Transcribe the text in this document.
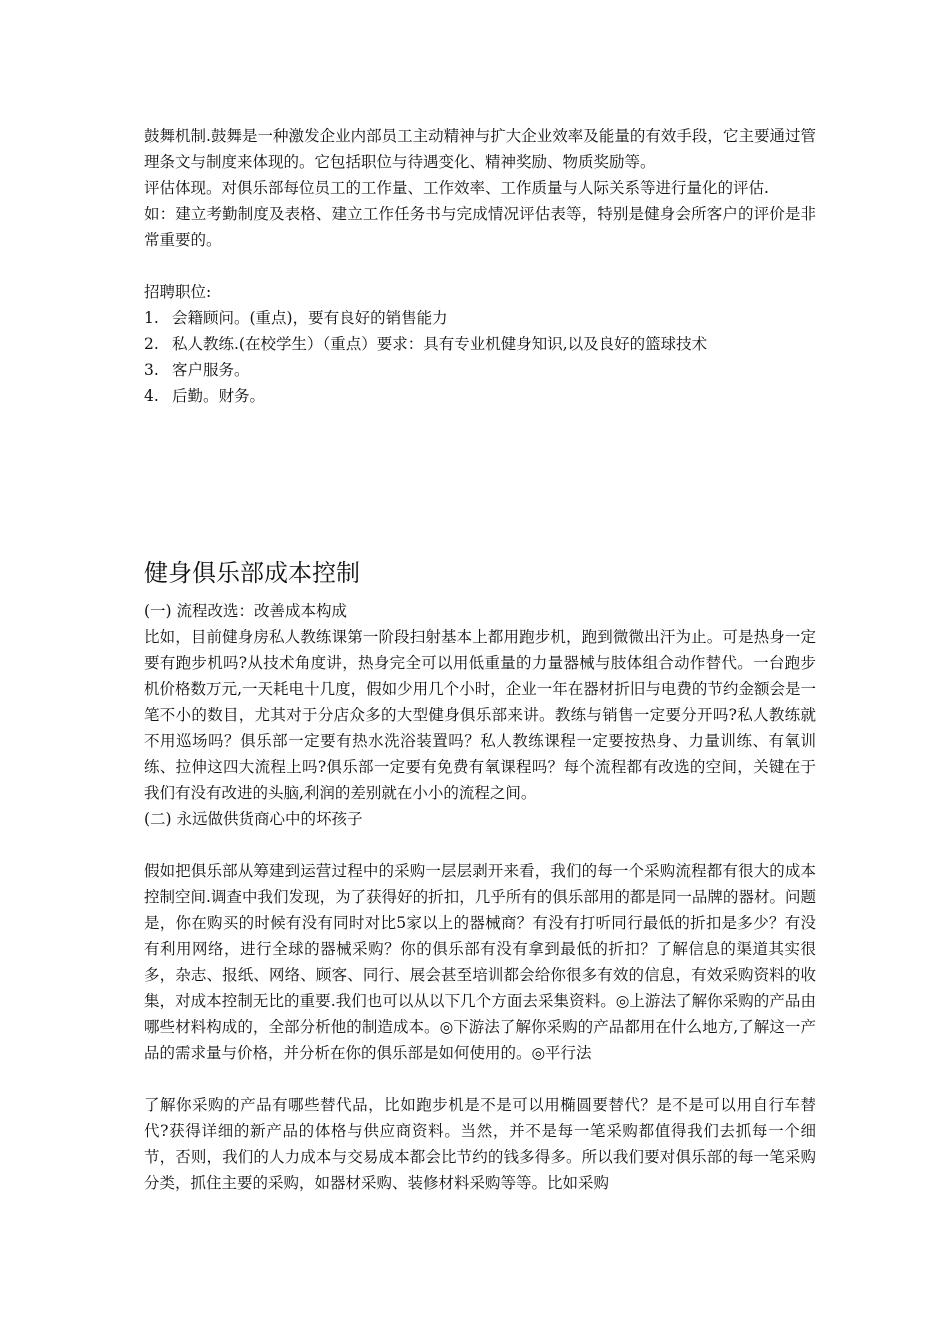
鼓舞机制.鼓舞是一种激发企业内部员工主动精神与扩大企业效率及能量的有效手段，它主要通过管理条文与制度来体现的。它包括职位与待遇变化、精神奖励、物质奖励等。

评估体现。对俱乐部每位员工的工作量、工作效率、工作质量与人际关系等进行量化的评估.

如：建立考勤制度及表格、建立工作任务书与完成情况评估表等，特别是健身会所客户的评价是非常重要的。

招聘职位:

1. 会籍顾问。(重点)，要有良好的销售能力
2. 私人教练.(在校学生）（重点）要求：具有专业机健身知识,以及良好的篮球技术
3. 客户服务。
4. 后勤。财务。
健身俱乐部成本控制

(一) 流程改选：改善成本构成

比如，目前健身房私人教练课第一阶段扫射基本上都用跑步机，跑到微微出汗为止。可是热身一定要有跑步机吗?从技术角度讲，热身完全可以用低重量的力量器械与肢体组合动作替代。一台跑步机价格数万元,一天耗电十几度，假如少用几个小时，企业一年在器材折旧与电费的节约金额会是一笔不小的数目，尤其对于分店众多的大型健身俱乐部来讲。教练与销售一定要分开吗?私人教练就不用巡场吗？俱乐部一定要有热水洗浴装置吗？私人教练课程一定要按热身、力量训练、有氧训练、拉伸这四大流程上吗?俱乐部一定要有免费有氧课程吗？每个流程都有改选的空间，关键在于我们有没有改进的头脑,利润的差别就在小小的流程之间。

(二) 永远做供货商心中的坏孩子

假如把俱乐部从筹建到运营过程中的采购一层层剥开来看，我们的每一个采购流程都有很大的成本控制空间.调查中我们发现，为了获得好的折扣，几乎所有的俱乐部用的都是同一品牌的器材。问题是，你在购买的时候有没有同时对比5家以上的器械商？有没有打听同行最低的折扣是多少？有没有利用网络，进行全球的器械采购？你的俱乐部有没有拿到最低的折扣？了解信息的渠道其实很多，杂志、报纸、网络、顾客、同行、展会甚至培训都会给你很多有效的信息，有效采购资料的收集，对成本控制无比的重要.我们也可以从以下几个方面去采集资料。◎上游法了解你采购的产品由哪些材料构成的，全部分析他的制造成本。◎下游法了解你采购的产品都用在什么地方,了解这一产品的需求量与价格，并分析在你的俱乐部是如何使用的。◎平行法

了解你采购的产品有哪些替代品，比如跑步机是不是可以用椭圆要替代？是不是可以用自行车替代?获得详细的新产品的体格与供应商资料。当然，并不是每一笔采购都值得我们去抓每一个细节，否则，我们的人力成本与交易成本都会比节约的钱多得多。所以我们要对俱乐部的每一笔采购分类，抓住主要的采购，如器材采购、装修材料采购等等。比如采购
